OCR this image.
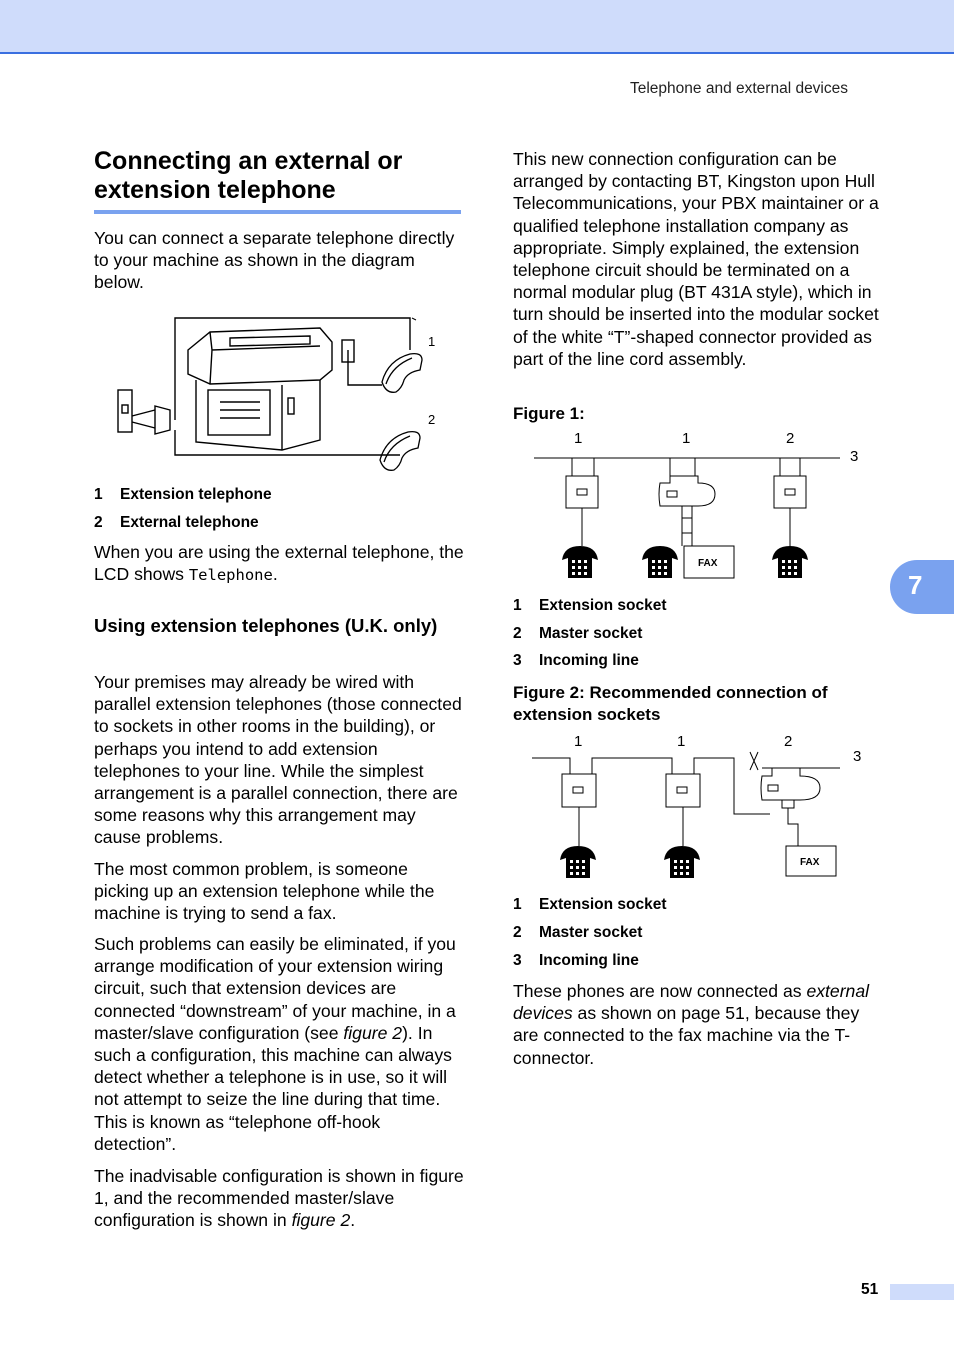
Telephone and external devices
Connecting an external or extension telephone
You can connect a separate telephone directly to your machine as shown in the diagram below.
1
2
1 Extension telephone
2 External telephone
When you are using the external telephone, the LCD shows Telephone.
Using extension telephones (U.K. only)
Your premises may already be wired with parallel extension telephones (those connected to sockets in other rooms in the building), or perhaps you intend to add extension telephones to your line. While the simplest arrangement is a parallel connection, there are some reasons why this arrangement may cause problems.
The most common problem, is someone picking up an extension telephone while the machine is trying to send a fax.
Such problems can easily be eliminated, if you arrange modification of your extension wiring circuit, such that extension devices are connected “downstream” of your machine, in a master/slave configuration (see figure 2). In such a configuration, this machine can always detect whether a telephone is in use, so it will not attempt to seize the line during that time. This is known as “telephone off-hook detection”.
The inadvisable configuration is shown in figure 1, and the recommended master/slave configuration is shown in figure 2.
This new connection configuration can be arranged by contacting BT, Kingston upon Hull Telecommunications, your PBX maintainer or a qualified telephone installation company as appropriate. Simply explained, the extension telephone circuit should be terminated on a normal modular plug (BT 431A style), which in turn should be inserted into the modular socket of the white “T”-shaped connector provided as part of the line cord assembly.
Figure 1:
FAX
1	1	2
3
1 Extension socket
2 Master socket
3 Incoming line
Figure 2: Recommended connection of extension sockets
FAX
1	1	2
3
1 Extension socket
2 Master socket
3 Incoming line
These phones are now connected as external devices as shown on page 51, because they are connected to the fax machine via the T-connector.
7
51
